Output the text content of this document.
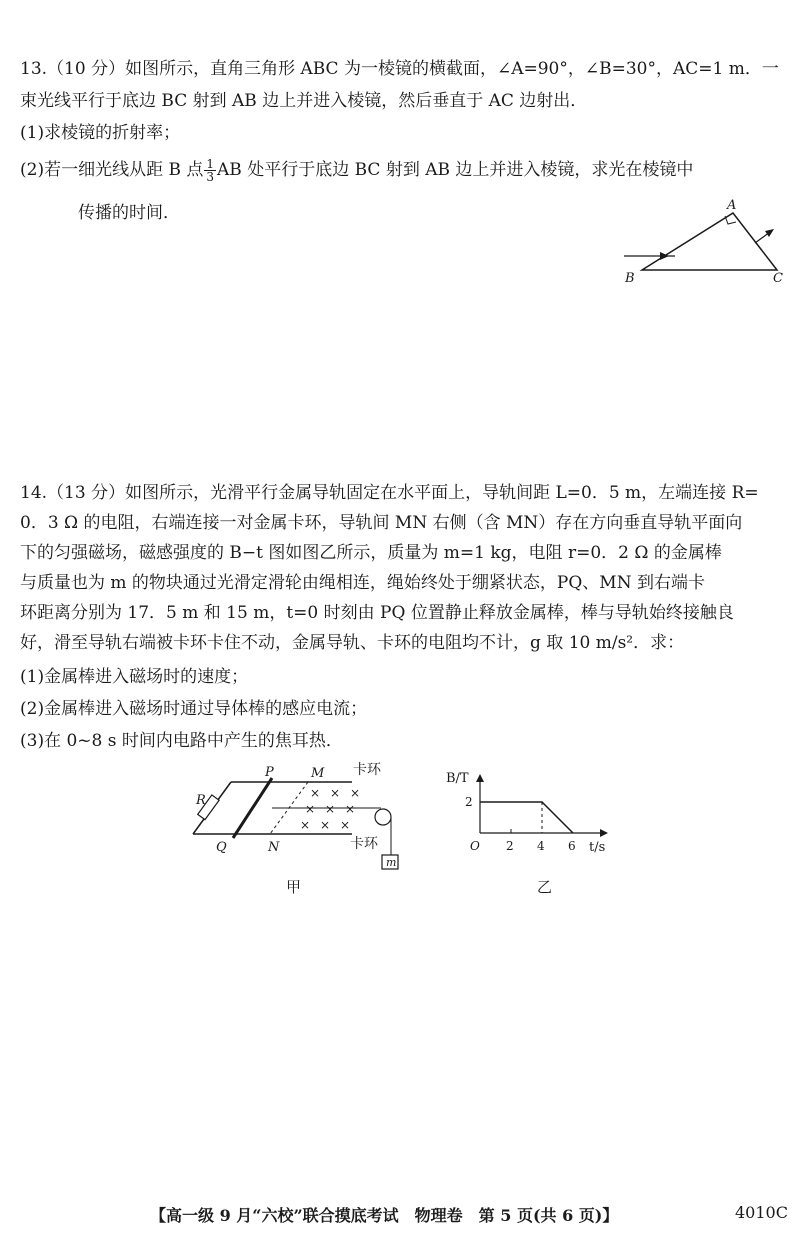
13.（10 分）如图所示，直角三角形 ABC 为一棱镜的横截面，∠A=90°，∠B=30°，AC=1 m．一
束光线平行于底边 BC 射到 AB 边上并进入棱镜，然后垂直于 AC 边射出．
(1)求棱镜的折射率；
(2)若一细光线从距 B 点 $\frac{1}{3}$ AB 处平行于底边 BC 射到 AB 边上并进入棱镜，求光在棱镜中
传播的时间．	A
B	C
14.（13 分）如图所示，光滑平行金属导轨固定在水平面上，导轨间距 L=0．5 m，左端连接 R=
0．3 Ω 的电阻，右端连接一对金属卡环，导轨间 MN 右侧（含 MN）存在方向垂直导轨平面向
下的匀强磁场，磁感强度的 B−t 图如图乙所示，质量为 m=1 kg，电阻 r=0．2 Ω 的金属棒
与质量也为 m 的物块通过光滑定滑轮由绳相连，绳始终处于绷紧状态，PQ、MN 到右端卡
环距离分别为 17．5 m 和 15 m，t=0 时刻由 PQ 位置静止释放金属棒，棒与导轨始终接触良
好，滑至导轨右端被卡环卡住不动，金属导轨、卡环的电阻均不计，g 取 10 m/s²．求：
(1)金属棒进入磁场时的速度；
(2)金属棒进入磁场时通过导体棒的感应电流；
(3)在 0~8 s 时间内电路中产生的焦耳热．
R
P
Q
M
N
× × ×
× × ×
× × ×
m
卡环
卡环
甲
B/T
t/s
O
2
2 4 6
乙
【高一级 9 月“六校”联合摸底考试　物理卷　第 5 页(共 6 页)】	4010C
